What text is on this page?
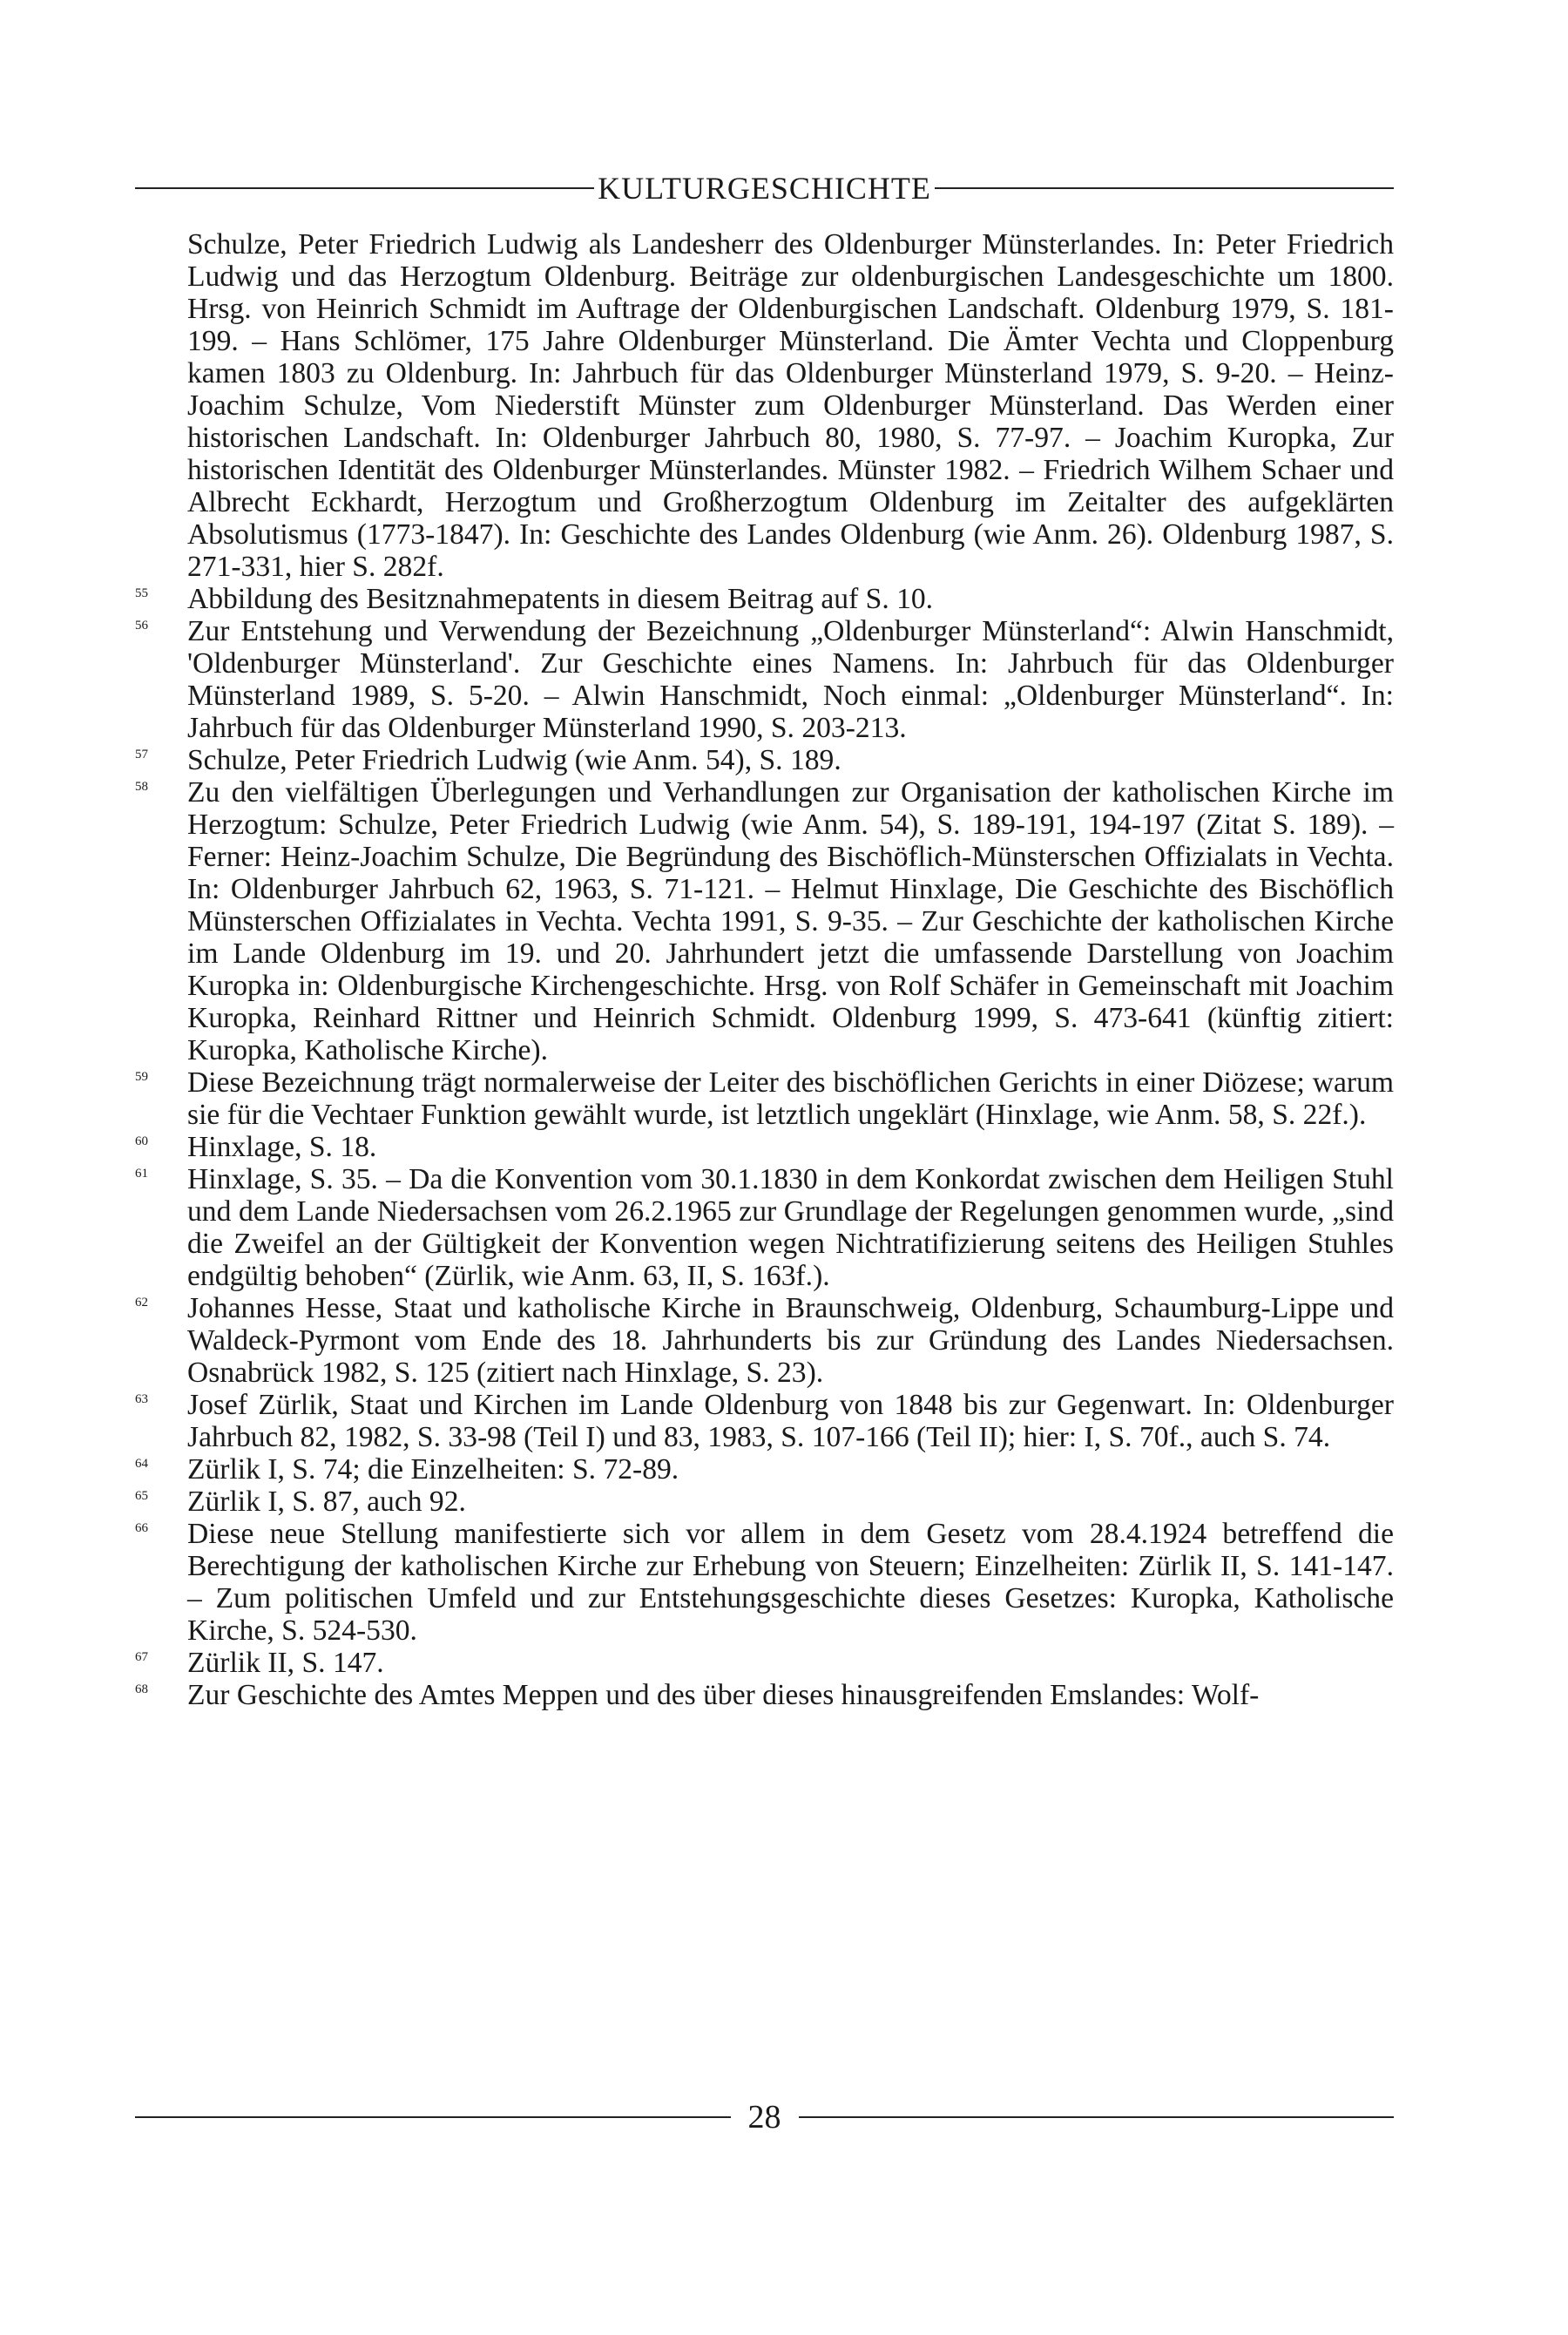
KULTURGESCHICHTE

Schulze, Peter Friedrich Ludwig als Landesherr des Oldenburger Münsterlandes. In: Peter Friedrich Ludwig und das Herzogtum Oldenburg. Beiträge zur oldenburgischen Landesgeschichte um 1800. Hrsg. von Heinrich Schmidt im Auftrage der Oldenburgischen Landschaft. Oldenburg 1979, S. 181-199. – Hans Schlömer, 175 Jahre Oldenburger Münsterland. Die Ämter Vechta und Cloppenburg kamen 1803 zu Oldenburg. In: Jahrbuch für das Oldenburger Münsterland 1979, S. 9-20. – Heinz-Joachim Schulze, Vom Niederstift Münster zum Oldenburger Münsterland. Das Werden einer historischen Landschaft. In: Oldenburger Jahrbuch 80, 1980, S. 77-97. – Joachim Kuropka, Zur historischen Identität des Oldenburger Münsterlandes. Münster 1982. – Friedrich Wilhem Schaer und Albrecht Eckhardt, Herzogtum und Großherzogtum Oldenburg im Zeitalter des aufgeklärten Absolutismus (1773-1847). In: Geschichte des Landes Oldenburg (wie Anm. 26). Oldenburg 1987, S. 271-331, hier S. 282f.

55 Abbildung des Besitznahmepatents in diesem Beitrag auf S. 10.

56 Zur Entstehung und Verwendung der Bezeichnung „Oldenburger Münsterland“: Alwin Hanschmidt, 'Oldenburger Münsterland'. Zur Geschichte eines Namens. In: Jahrbuch für das Oldenburger Münsterland 1989, S. 5-20. – Alwin Hanschmidt, Noch einmal: „Oldenburger Münsterland“. In: Jahrbuch für das Oldenburger Münsterland 1990, S. 203-213.

57 Schulze, Peter Friedrich Ludwig (wie Anm. 54), S. 189.

58 Zu den vielfältigen Überlegungen und Verhandlungen zur Organisation der katholischen Kirche im Herzogtum: Schulze, Peter Friedrich Ludwig (wie Anm. 54), S. 189-191, 194-197 (Zitat S. 189). – Ferner: Heinz-Joachim Schulze, Die Begründung des Bischöflich-Münsterschen Offizialats in Vechta. In: Oldenburger Jahrbuch 62, 1963, S. 71-121. – Helmut Hinxlage, Die Geschichte des Bischöflich Münsterschen Offizialates in Vechta. Vechta 1991, S. 9-35. – Zur Geschichte der katholischen Kirche im Lande Oldenburg im 19. und 20. Jahrhundert jetzt die umfassende Darstellung von Joachim Kuropka in: Oldenburgische Kirchengeschichte. Hrsg. von Rolf Schäfer in Gemeinschaft mit Joachim Kuropka, Reinhard Rittner und Heinrich Schmidt. Oldenburg 1999, S. 473-641 (künftig zitiert: Kuropka, Katholische Kirche).

59 Diese Bezeichnung trägt normalerweise der Leiter des bischöflichen Gerichts in einer Diözese; warum sie für die Vechtaer Funktion gewählt wurde, ist letztlich ungeklärt (Hinxlage, wie Anm. 58, S. 22f.).

60 Hinxlage, S. 18.

61 Hinxlage, S. 35. – Da die Konvention vom 30.1.1830 in dem Konkordat zwischen dem Heiligen Stuhl und dem Lande Niedersachsen vom 26.2.1965 zur Grundlage der Regelungen genommen wurde, „sind die Zweifel an der Gültigkeit der Konvention wegen Nichtratifizierung seitens des Heiligen Stuhles endgültig behoben“ (Zürlik, wie Anm. 63, II, S. 163f.).

62 Johannes Hesse, Staat und katholische Kirche in Braunschweig, Oldenburg, Schaumburg-Lippe und Waldeck-Pyrmont vom Ende des 18. Jahrhunderts bis zur Gründung des Landes Niedersachsen. Osnabrück 1982, S. 125 (zitiert nach Hinxlage, S. 23).

63 Josef Zürlik, Staat und Kirchen im Lande Oldenburg von 1848 bis zur Gegenwart. In: Oldenburger Jahrbuch 82, 1982, S. 33-98 (Teil I) und 83, 1983, S. 107-166 (Teil II); hier: I, S. 70f., auch S. 74.

64 Zürlik I, S. 74; die Einzelheiten: S. 72-89.

65 Zürlik I, S. 87, auch 92.

66 Diese neue Stellung manifestierte sich vor allem in dem Gesetz vom 28.4.1924 betreffend die Berechtigung der katholischen Kirche zur Erhebung von Steuern; Einzelheiten: Zürlik II, S. 141-147. – Zum politischen Umfeld und zur Entstehungsgeschichte dieses Gesetzes: Kuropka, Katholische Kirche, S. 524-530.

67 Zürlik II, S. 147.

68 Zur Geschichte des Amtes Meppen und des über dieses hinausgreifenden Emslandes: Wolf-

28
